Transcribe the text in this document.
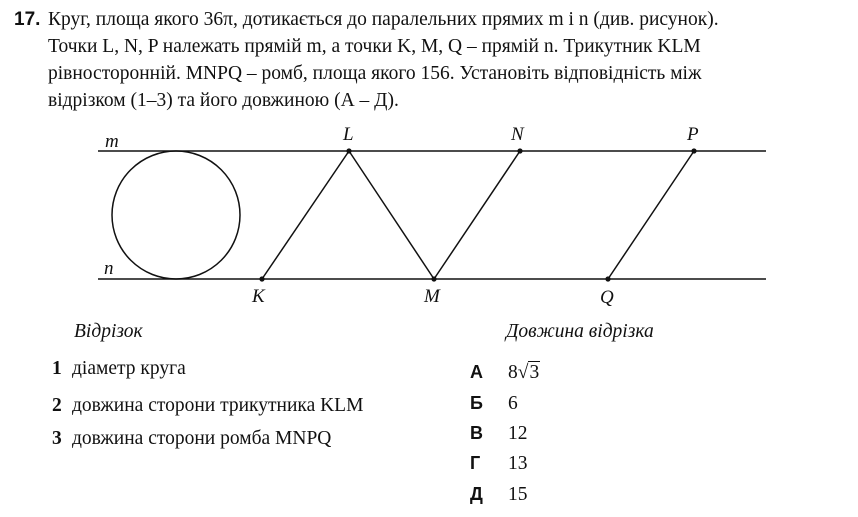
17. Круг, площа якого 36π, дотикається до паралельних прямих m і n (див. рисунок).
Точки L, N, P належать прямій m, а точки K, M, Q – прямій n. Трикутник KLM
рівносторонній. MNPQ – ромб, площа якого 156. Установіть відповідність між
відрізком (1–3) та його довжиною (А – Д).
m
n
L	N	P
K	M	Q
Відрізок	Довжина відрізка
1 діаметр круга
2 довжина сторони трикутника KLM
3 довжина сторони ромба MNPQ
А 8√3
Б 6
В 12
Г 13
Д 15
